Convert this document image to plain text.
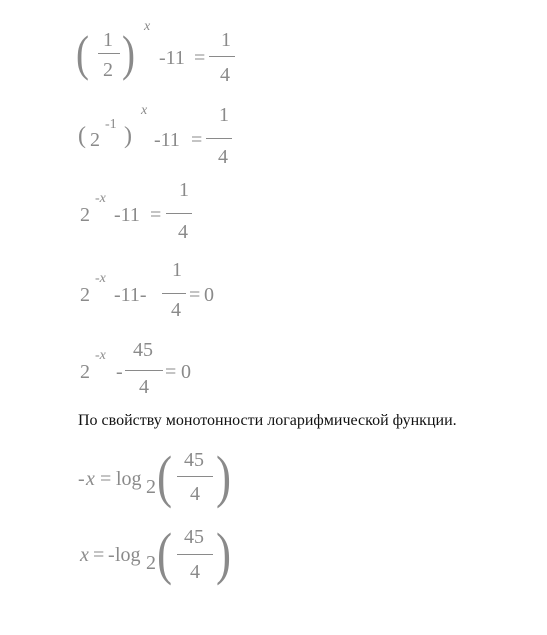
( 1
2 ) x
-11 =
1
4
( 2
-1 )
x
-11 =
1
4
2
-x
-11 =
1
4
2
-x
-11-
1
4
= 0
2
-x
-
45
4
= 0
По свойству монотонности логарифмической функции.
- x = log 2 ( 45
4 )
x = - log 2 ( 45
4 )
